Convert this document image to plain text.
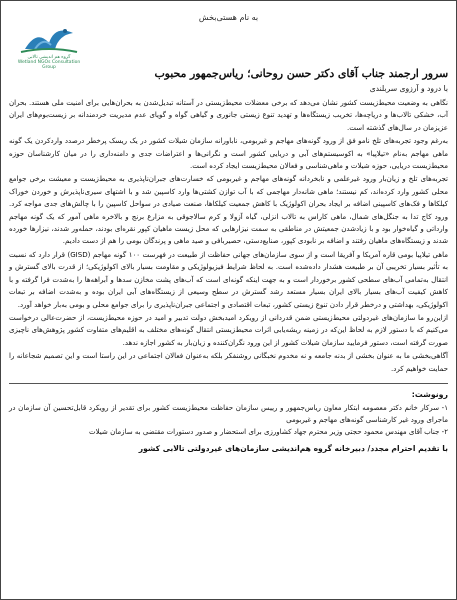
به نام هستی‌بخش
گروه هم اندیشی تالابی
Wetland NGOs Consultation Group	سرور ارجمند جناب آقای دکتر حسن روحانی؛ ریاس‌جمهور محبوب
با درود و آرزوی سربلندی

نگاهی به وضعیت محیط‌زیست کشور نشان می‌دهد که برخی معضلات محیط‌زیستی در آستانه تبدیل‌شدن به بحران‌هایی برای امنیت ملی هستند. بحران آب، خشکی تالاب‌ها و دریاچه‌ها، تخریب زیستگاه‌ها و تهدید تنوع زیستی جانوری و گیاهی گواه و گویای عدم مدیریت خردمندانه بر زیست‌بوم‌های ایران عزیزمان در سال‌های گذشته است.

به‌رغم وجود تجربه‌های تلخ نامو فق از ورود گونه‌های مهاجم و غیربومی، ناباورانه سازمان شیلات کشور در یک ریسک پرخطر درصدد واردکردن یک گونه ماهی مهاجم به‌نام «تیلاپیا» به اکوسیستم‌های آبی و دریایی کشور است و نگرانی‌ها و اعتراضات جدی و دامنه‌داری را در میان کارشناسان حوزه محیط‌زیست دریایی، حوزه شیلات و ماهی‌شناسی و فعالان محیط‌زیست ایجاد کرده است.

تجربه‌های تلخ و زیان‌بار ورود غیرعلمی و نابخردانه گونه‌های مهاجم و غیربومی که خسارت‌های جبران‌ناپذیری به محیط‌زیست و معیشت برخی جوامع محلی کشور وارد کرده‌اند، کم نیستند؛ ماهی شانه‌دار مهاجمی که با آب توازن کشتی‌ها وارد کاسپین شد و با اشتهای سیری‌ناپذیرش و خوردن خوراک کیلکاها و فک‌های کاسپینی اضافه بر ایجاد بحران اکولوژیک با کاهش جمعیت کیلکاها، صنعت صیادی در سواحل کاسپین را با چالش‌های جدی مواجه کرد. ورود کاج تدا به جنگل‌های شمال، ماهی کاراس به تالاب انزلی، گیاه آزولا و کرم سالاجوقی به مزارع برنج و بالاخره ماهی آمور که یک گونه مهاجم وارداتی و گیاه‌خوار بود و با زیادشدن جمعیتش در مناطقی به سمت نیزارهایی که محل زیست ماهیان کپور نقره‌ای بودند، حمله‌ور شدند، نیزارها خورده شدند و زیستگاه‌های ماهیان رفتند و اضافه بر نابودی کپور، صنایع‌دستی، حصیربافی و صید ماهی و پرندگان بومی را هم از دست دادیم.

ماهی تیلاپیا بومی قاره آمریکا و آفریقا است و از سوی سازمان‌های جهانی حفاظت از طبیعت در فهرست ۱۰۰ گونه مهاجم (GISD) قرار دارد که نسبت به تأثیر بسیار تخریبی آن بر طبیعت هشدار داده‌شده است. به لحاظ شرایط فیزیولوژیکی و مقاومت بسیار بالای اکولوژیکی؛ از قدرت بالای گسترش و انتقال به‌تمامی آب‌های سطحی کشور برخوردار است و به جهت اینکه گونه‌ای است که آب‌های پشت مخازن سدها و آبراهه‌ها را به‌شدت فرا گرفته و با کاهش کیفیت آب‌های بسیار بالای ایران بسیار مستعد رشد گسترش در سطح وسیعی از زیستگاه‌های آبی ایران بوده و به‌شدت اضافه بر تبعات اکولوژیکی، بهداشتی و درخطر قرار دادن تنوع زیستی کشور، تبعات اقتصادی و اجتماعی جبران‌ناپذیری را برای جوامع محلی و بومی به‌بار خواهد آورد.

ازاین‌رو ما سازمان‌های غیردولتی محیط‌زیستی ضمن قدردانی از رویکرد امیدبخش دولت تدبیر و امید در حوزه محیط‌زیست، از حضرت‌عالی درخواست می‌کنیم که با دستور لازم به لحاظ این‌که در زمینه ریشه‌یابی اثرات محیط‌زیستی انتقال گونه‌های مختلف به اقلیم‌های متفاوت کشور پژوهش‌های ناچیزی صورت گرفته است، دستور فرمایید سازمان شیلات کشور از این ورود نگران‌کننده و زیان‌بار به کشور اجازه ندهد.

آگاهی‌بخشی ما به عنوان بخشی از بدنه جامعه و نه مخدوم نخبگانی روشنفکر بلکه به‌عنوان فعالان اجتماعی در این راستا است و این تصمیم شجاعانه را حمایت خواهیم کرد.

رونوشت:

۱- سرکار خانم دکتر معصومه ابتکار معاون ریاس‌جمهور و رییس سازمان حفاظت محیط‌زیست کشور برای تقدیر از رویکرد قابل‌تحسین آن سازمان در ماجرای ورود غیر کارشناسی گونه‌های مهاجم و غیربومی

۲- جناب آقای مهندس محمود حجتی وزیر محترم جهاد کشاورزی برای استحضار و صدور دستورات مقتضی به سازمان شیلات

با تقدیم احترام مجدد/ دبیرخانه گروه هم‌اندیشی سازمان‌های غیردولتی تالابی کشور
